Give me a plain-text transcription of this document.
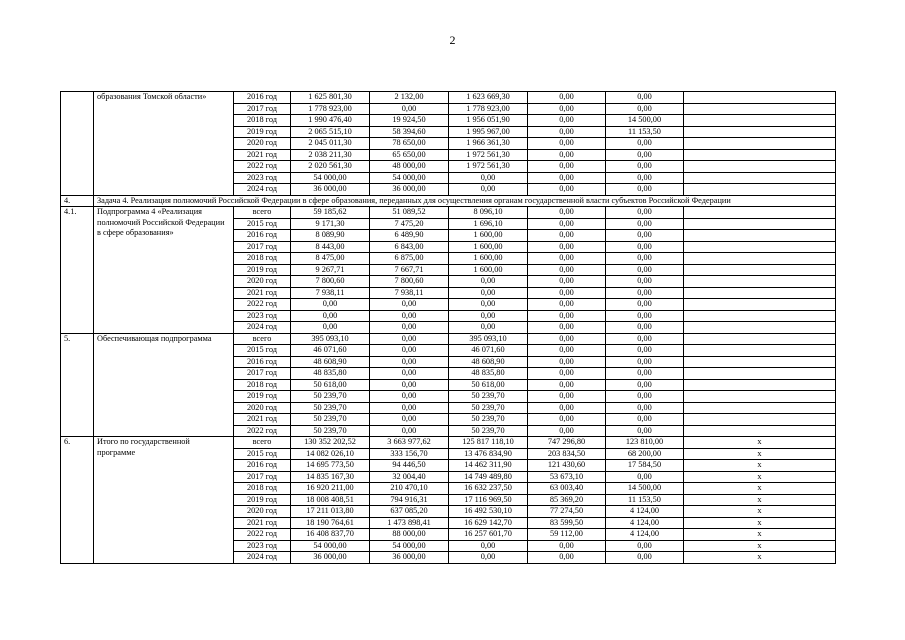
2
	образования Томской области»	2016 год	1 625 801,30	2 132,00	1 623 669,30	0,00	0,00		
		2017 год	1 778 923,00	0,00	1 778 923,00	0,00	0,00		
		2018 год	1 990 476,40	19 924,50	1 956 051,90	0,00	14 500,00		
		2019 год	2 065 515,10	58 394,60	1 995 967,00	0,00	11 153,50		
		2020 год	2 045 011,30	78 650,00	1 966 361,30	0,00	0,00		
		2021 год	2 038 211,30	65 650,00	1 972 561,30	0,00	0,00		
		2022 год	2 020 561,30	48 000,00	1 972 561,30	0,00	0,00		
		2023 год	54 000,00	54 000,00	0,00	0,00	0,00		
		2024 год	36 000,00	36 000,00	0,00	0,00	0,00		
4.	Задача 4. Реализация полномочий Российской Федерации в сфере образования, переданных для осуществления органам государственной власти субъектов Российской Федерации								
4.1.	Подпрограмма 4 «Реализация полномочий Российской Федерации в сфере образования»	всего	59 185,62	51 089,52	8 096,10	0,00	0,00		
		2015 год	9 171,30	7 475,20	1 696,10	0,00	0,00		
		2016 год	8 089,90	6 489,90	1 600,00	0,00	0,00		
		2017 год	8 443,00	6 843,00	1 600,00	0,00	0,00		
		2018 год	8 475,00	6 875,00	1 600,00	0,00	0,00		
		2019 год	9 267,71	7 667,71	1 600,00	0,00	0,00		
		2020 год	7 800,60	7 800,60	0,00	0,00	0,00		
		2021 год	7 938,11	7 938,11	0,00	0,00	0,00		
		2022 год	0,00	0,00	0,00	0,00	0,00		
		2023 год	0,00	0,00	0,00	0,00	0,00		
		2024 год	0,00	0,00	0,00	0,00	0,00		
5.	Обеспечивающая подпрограмма	всего	395 093,10	0,00	395 093,10	0,00	0,00		
		2015 год	46 071,60	0,00	46 071,60	0,00	0,00		
		2016 год	48 608,90	0,00	48 608,90	0,00	0,00		
		2017 год	48 835,80	0,00	48 835,80	0,00	0,00		
		2018 год	50 618,00	0,00	50 618,00	0,00	0,00		
		2019 год	50 239,70	0,00	50 239,70	0,00	0,00		
		2020 год	50 239,70	0,00	50 239,70	0,00	0,00		
		2021 год	50 239,70	0,00	50 239,70	0,00	0,00		
		2022 год	50 239,70	0,00	50 239,70	0,00	0,00		
6.	Итого по государственной программе	всего	130 352 202,52	3 663 977,62	125 817 118,10	747 296,80	123 810,00	x	
		2015 год	14 082 026,10	333 156,70	13 476 834,90	203 834,50	68 200,00	x	
		2016 год	14 695 773,50	94 446,50	14 462 311,90	121 430,60	17 584,50	x	
		2017 год	14 835 167,30	32 004,40	14 749 489,80	53 673,10	0,00	x	
		2018 год	16 920 211,00	210 470,10	16 632 237,50	63 003,40	14 500,00	x	
		2019 год	18 008 408,51	794 916,31	17 116 969,50	85 369,20	11 153,50	x	
		2020 год	17 211 013,80	637 085,20	16 492 530,10	77 274,50	4 124,00	x	
		2021 год	18 190 764,61	1 473 898,41	16 629 142,70	83 599,50	4 124,00	x	
		2022 год	16 408 837,70	88 000,00	16 257 601,70	59 112,00	4 124,00	x	
		2023 год	54 000,00	54 000,00	0,00	0,00	0,00	x	
		2024 год	36 000,00	36 000,00	0,00	0,00	0,00	x	
